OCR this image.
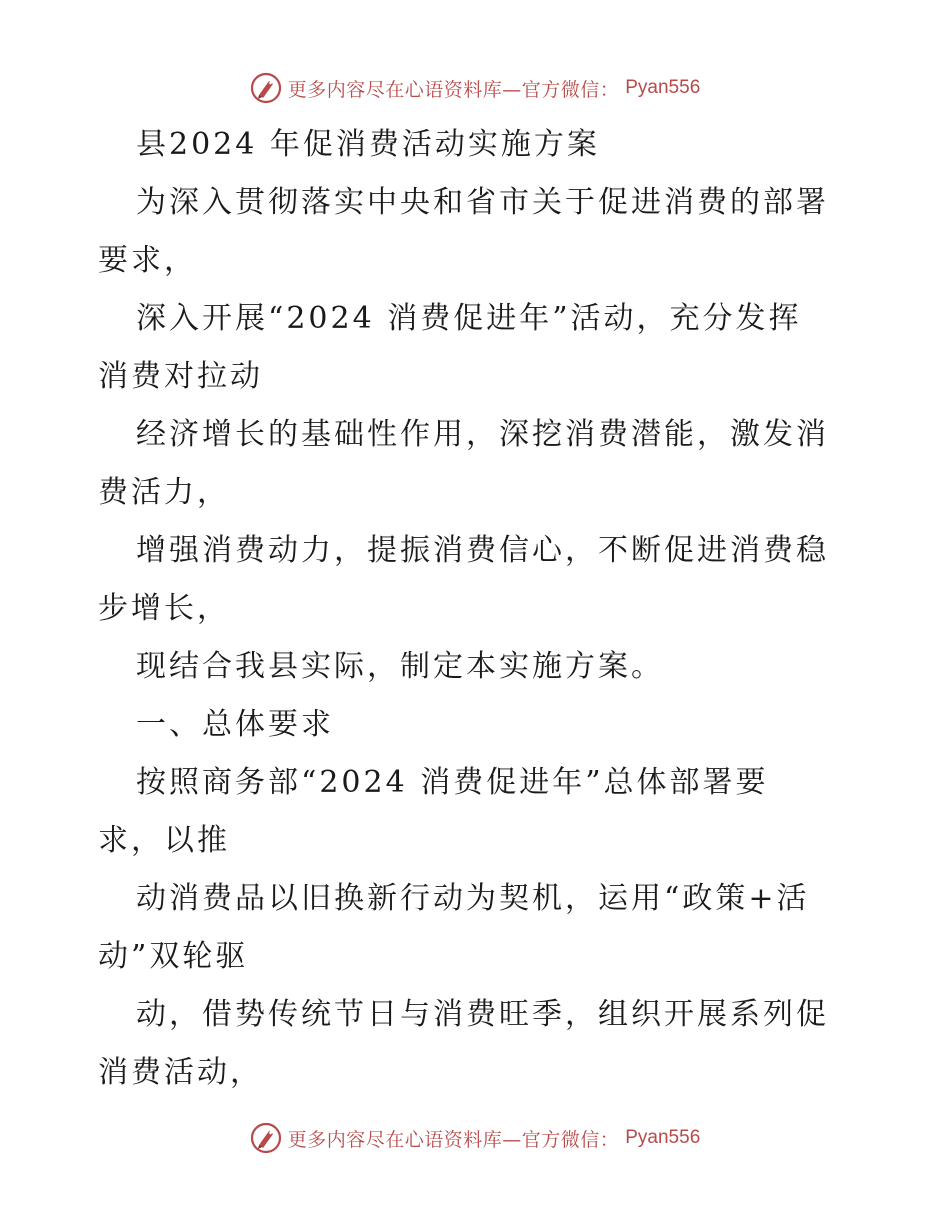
更多内容尽在心语资料库—官方微信： Pyan556
县2024 年促消费活动实施方案
为深入贯彻落实中央和省市关于促进消费的部署
要求，
深入开展“2024 消费促进年”活动，充分发挥
消费对拉动
经济增长的基础性作用，深挖消费潜能，激发消
费活力，
增强消费动力，提振消费信心，不断促进消费稳
步增长，
现结合我县实际，制定本实施方案。
一、总体要求
按照商务部“2024 消费促进年”总体部署要
求，以推
动消费品以旧换新行动为契机，运用“政策+活
动”双轮驱
动，借势传统节日与消费旺季，组织开展系列促
消费活动，
更多内容尽在心语资料库—官方微信： Pyan556
